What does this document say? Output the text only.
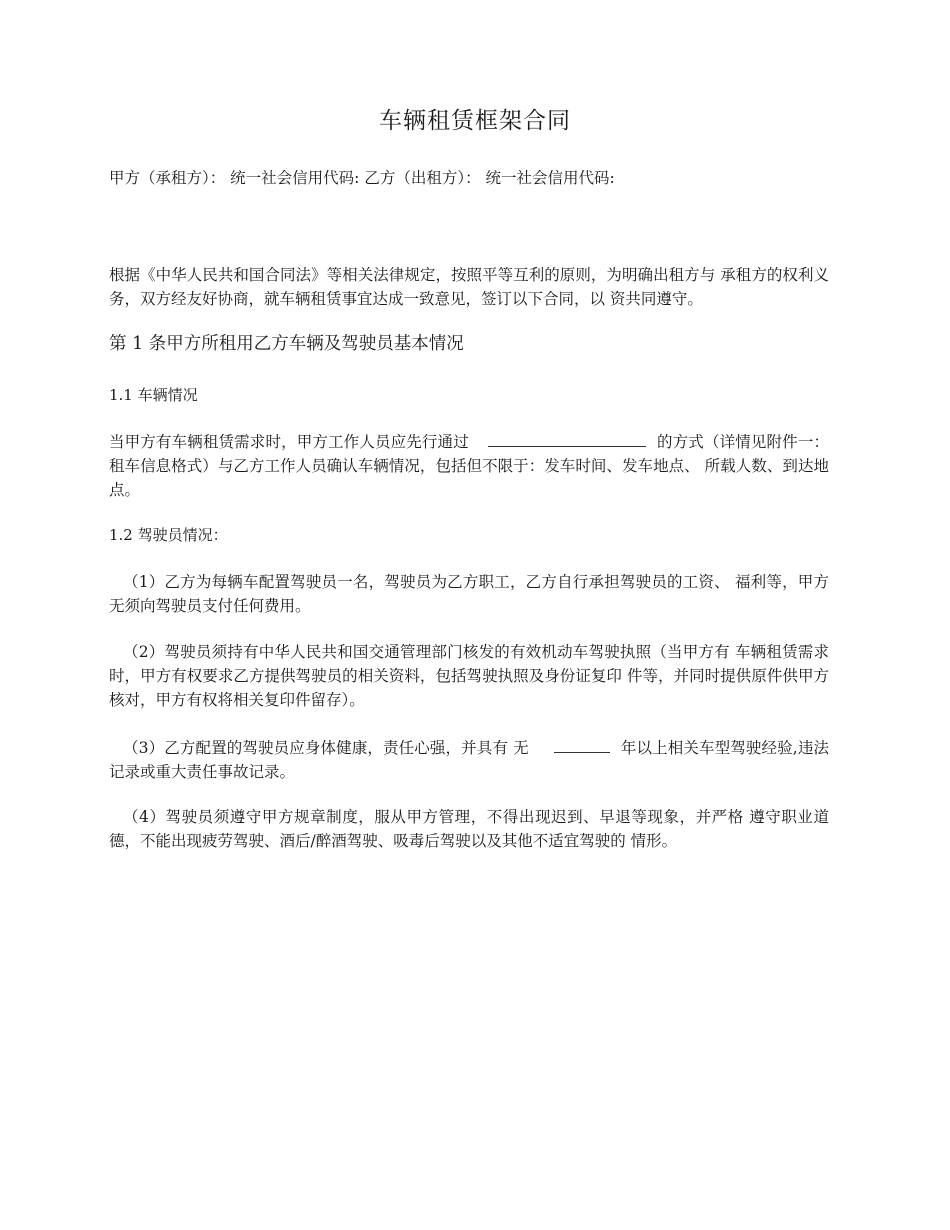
车辆租赁框架合同
甲方（承租方）： 统一社会信用代码: 乙方（出租方）： 统一社会信用代码:
根据《中华人民共和国合同法》等相关法律规定，按照平等互利的原则，为明确出租方与 承租方的权利义务，双方经友好协商，就车辆租赁事宜达成一致意见，签订以下合同，以 资共同遵守。
第 1 条甲方所租用乙方车辆及驾驶员基本情况
1.1 车辆情况
当甲方有车辆租赁需求时，甲方工作人员应先行通过	的方式（详情见附件一：租车信息格式）与乙方工作人员确认车辆情况，包括但不限于：发车时间、发车地点、 所载人数、到达地点。
1.2 驾驶员情况：
（1）乙方为每辆车配置驾驶员一名，驾驶员为乙方职工，乙方自行承担驾驶员的工资、 福利等，甲方无须向驾驶员支付任何费用。
（2）驾驶员须持有中华人民共和国交通管理部门核发的有效机动车驾驶执照（当甲方有 车辆租赁需求时，甲方有权要求乙方提供驾驶员的相关资料，包括驾驶执照及身份证复印 件等，并同时提供原件供甲方核对，甲方有权将相关复印件留存）。
（3）乙方配置的驾驶员应身体健康，责任心强，并具有 无	年以上相关车型驾驶经验,违法记录或重大责任事故记录。
（4）驾驶员须遵守甲方规章制度，服从甲方管理，不得出现迟到、早退等现象，并严格 遵守职业道德，不能出现疲劳驾驶、酒后/醉酒驾驶、吸毒后驾驶以及其他不适宜驾驶的 情形。
